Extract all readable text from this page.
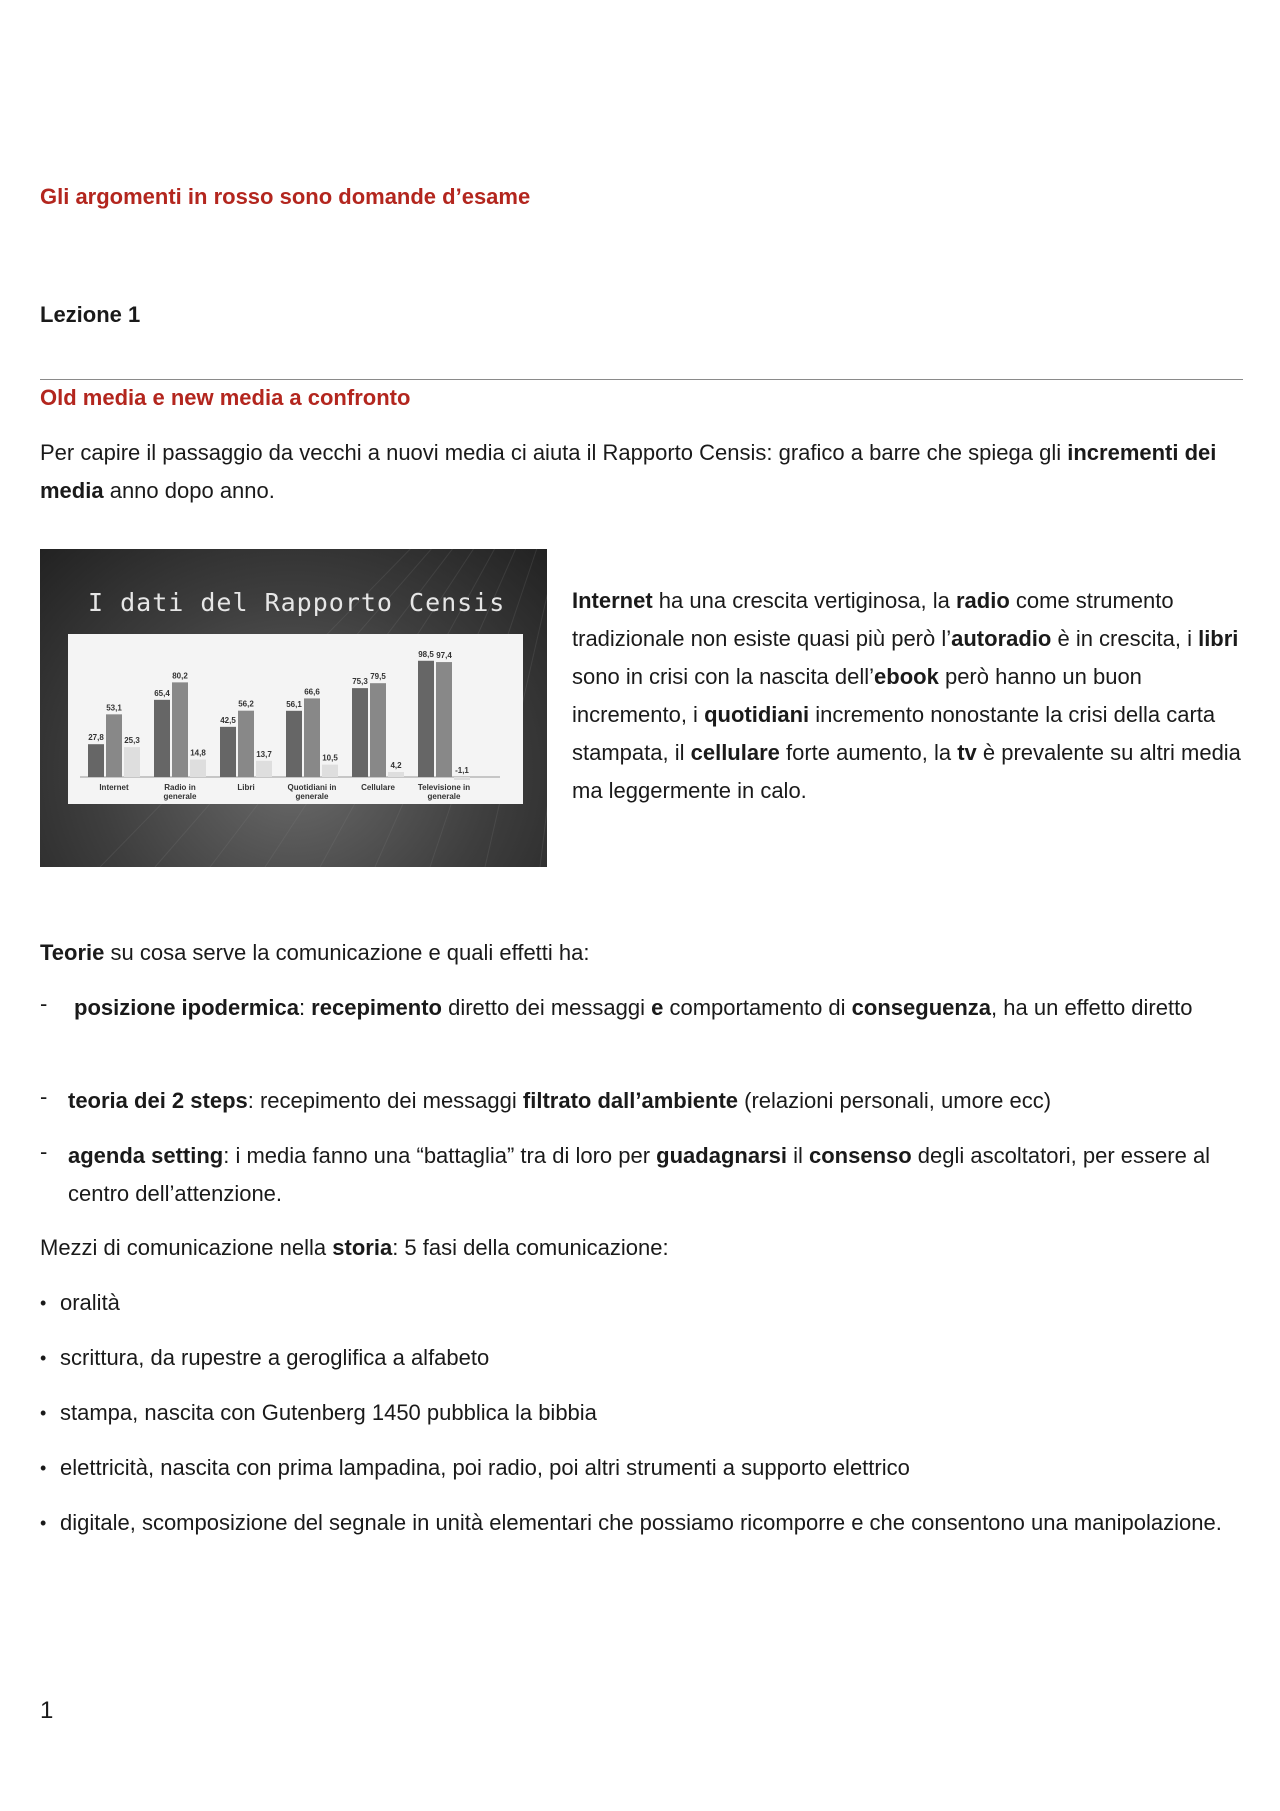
Gli argomenti in rosso sono domande d’esame
Lezione 1
Old media e new media a confronto
Per capire il passaggio da vecchi a nuovi media ci aiuta il Rapporto Censis: grafico a barre che spiega gli incrementi dei media anno dopo anno.
I dati del Rapporto Censis
27,8
53,1
25,3
Internet
65,4
80,2
14,8
Radio in
generale
42,5
56,2
13,7
Libri
56,1
66,6
10,5
Quotidiani in
generale
75,3
79,5
4,2
Cellulare
98,5 97,4
-1,1
Televisione in
generale
Internet ha una crescita vertiginosa, la radio come strumento tradizionale non esiste quasi più però l’autoradio è in crescita, i libri sono in crisi con la nascita dell’ebook però hanno un buon incremento, i quotidiani incremento nonostante la crisi della carta stampata, il cellulare forte aumento, la tv è prevalente su altri media ma leggermente in calo.
Teorie su cosa serve la comunicazione e quali effetti ha:
- posizione ipodermica: recepimento diretto dei messaggi e comportamento di conseguenza, ha un effetto diretto
- teoria dei 2 steps: recepimento dei messaggi filtrato dall’ambiente (relazioni personali, umore ecc)
- agenda setting: i media fanno una “battaglia” tra di loro per guadagnarsi il consenso degli ascoltatori, per essere al centro dell’attenzione.
Mezzi di comunicazione nella storia: 5 fasi della comunicazione:
• oralità
• scrittura, da rupestre a geroglifica a alfabeto
• stampa, nascita con Gutenberg 1450 pubblica la bibbia
• elettricità, nascita con prima lampadina, poi radio, poi altri strumenti a supporto elettrico
• digitale, scomposizione del segnale in unità elementari che possiamo ricomporre e che consentono una manipolazione.
1
